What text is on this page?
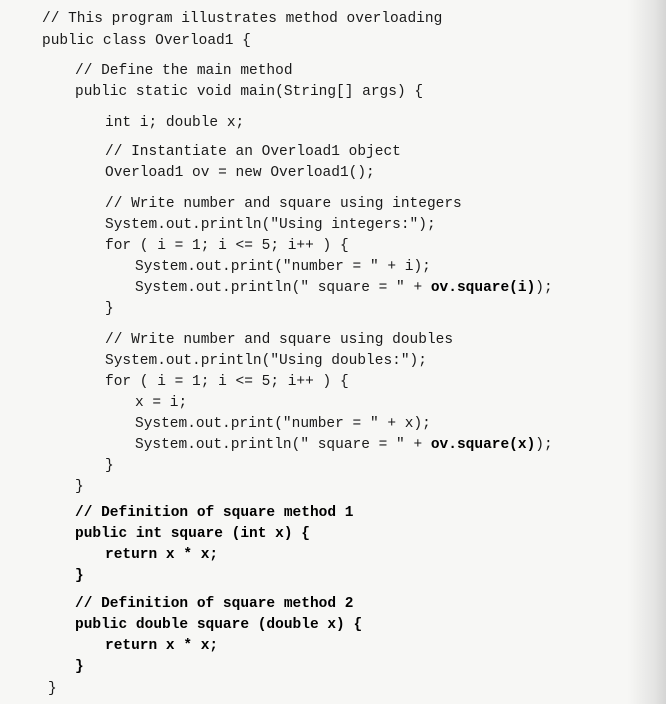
// This program illustrates method overloading
public class Overload1 {
// Define the main method
public static void main(String[] args) {
int i; double x;
// Instantiate an Overload1 object
Overload1 ov = new Overload1();
// Write number and square using integers
System.out.println("Using integers:");
for ( i = 1; i <= 5; i++ ) {
System.out.print("number = " + i);
System.out.println(" square = " + ov.square(i));
}
// Write number and square using doubles
System.out.println("Using doubles:");
for ( i = 1; i <= 5; i++ ) {
x = i;
System.out.print("number = " + x);
System.out.println(" square = " + ov.square(x));
}
}
// Definition of square method 1
public int square (int x) {
return x * x;
}
// Definition of square method 2
public double square (double x) {
return x * x;
}
}
